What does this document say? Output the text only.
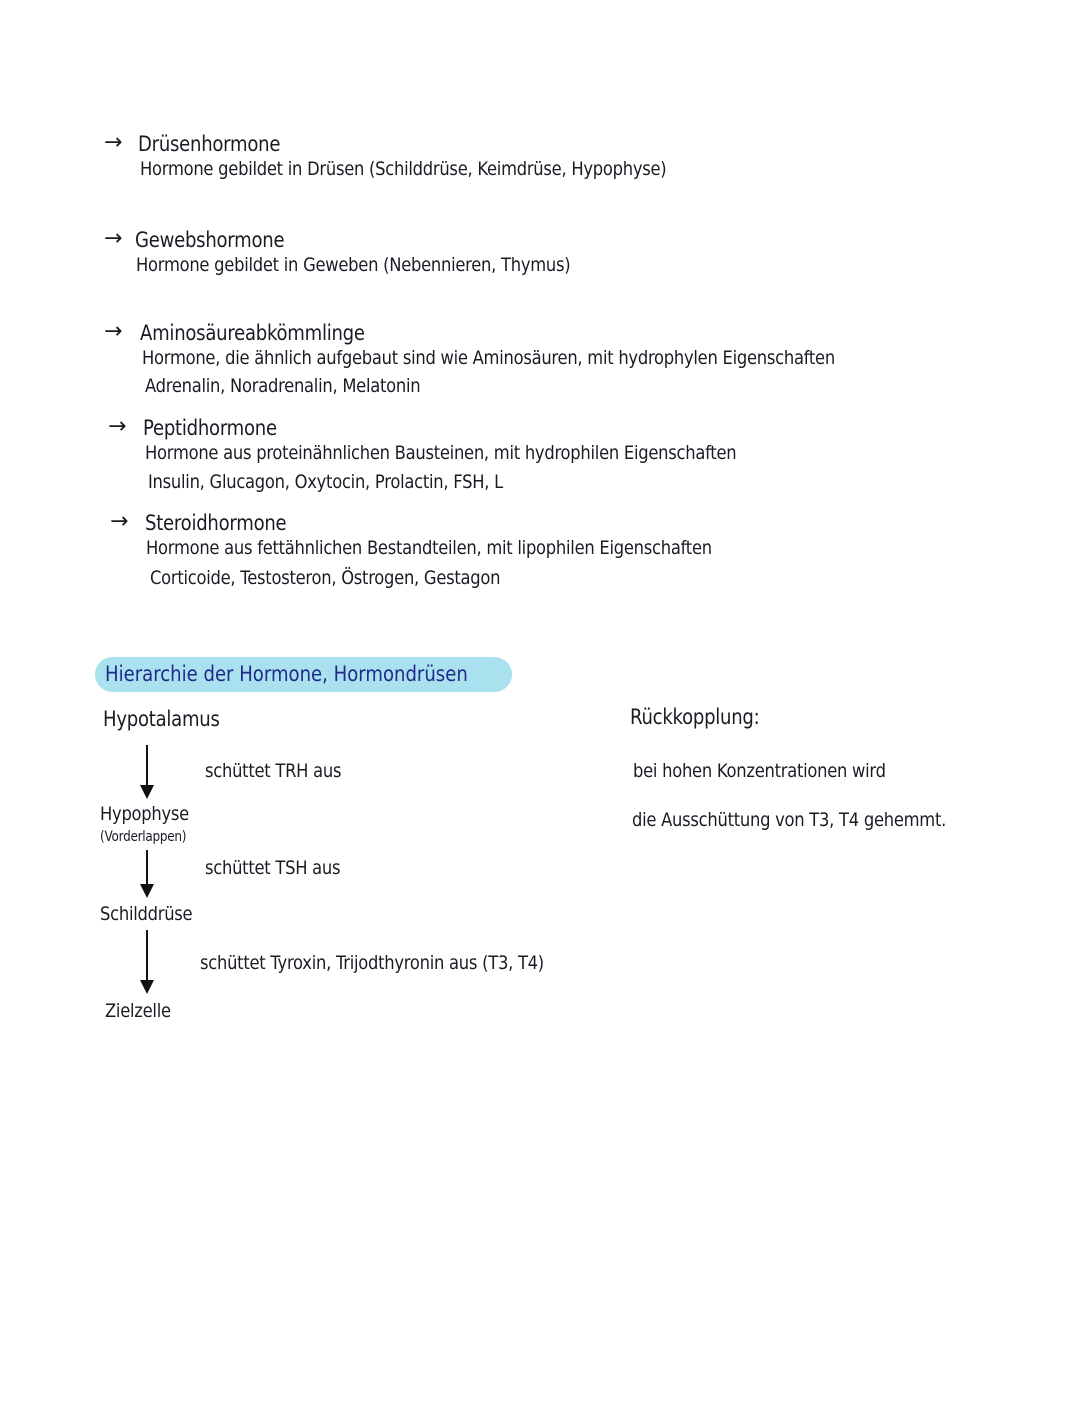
→ Drüsenhormone
Hormone gebildet in Drüsen (Schilddrüse, Keimdrüse, Hypophyse)
→ Gewebshormone
Hormone gebildet in Geweben (Nebennieren, Thymus)
→ Aminosäureabkömmlinge
Hormone, die ähnlich aufgebaut sind wie Aminosäuren, mit hydrophylen Eigenschaften
Adrenalin, Noradrenalin, Melatonin
→ Peptidhormone
Hormone aus proteinähnlichen Bausteinen, mit hydrophilen Eigenschaften
Insulin, Glucagon, Oxytocin, Prolactin, FSH, L
→ Steroidhormone
Hormone aus fettähnlichen Bestandteilen, mit lipophilen Eigenschaften
Corticoide, Testosteron, Östrogen, Gestagon
Hierarchie der Hormone, Hormondrüsen
Hypotalamus
schüttet TRH aus
Hypophyse
(Vorderlappen)
schüttet TSH aus
Schilddrüse
schüttet Tyroxin, Trijodthyronin aus (T3, T4)
Zielzelle
Rückkopplung:
bei hohen Konzentrationen wird
die Ausschüttung von T3, T4 gehemmt.
